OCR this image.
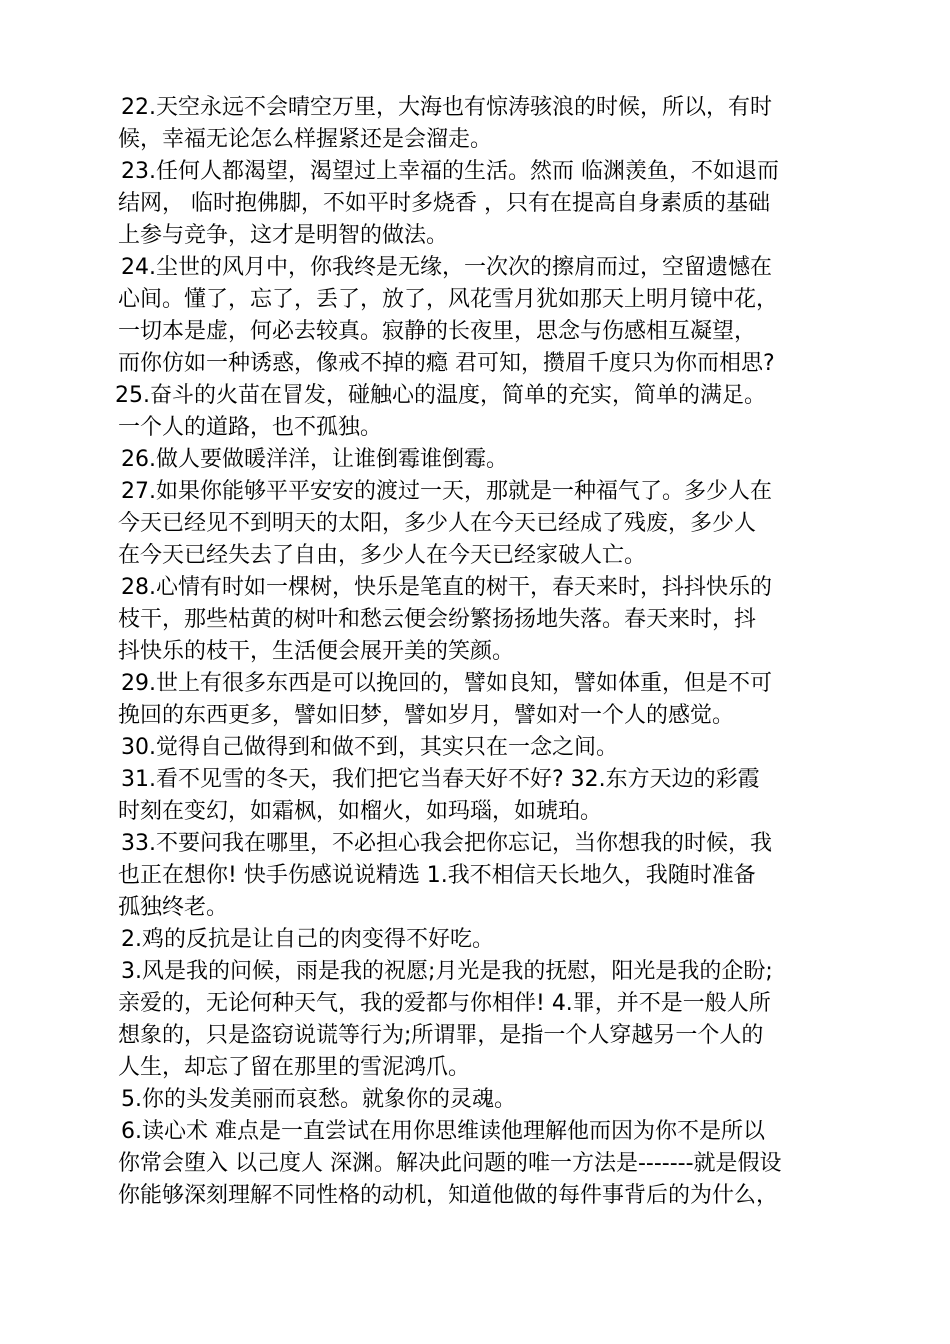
22.天空永远不会晴空万里，大海也有惊涛骇浪的时候，所以，有时
候，幸福无论怎么样握紧还是会溜走。
23.任何人都渴望，渴望过上幸福的生活。然而 临渊羡鱼，不如退而
结网， 临时抱佛脚，不如平时多烧香 ，只有在提高自身素质的基础
上参与竞争，这才是明智的做法。
24.尘世的风月中，你我终是无缘，一次次的擦肩而过，空留遗憾在
心间。懂了，忘了，丢了，放了，风花雪月犹如那天上明月镜中花，
一切本是虚，何必去较真。寂静的长夜里，思念与伤感相互凝望，
而你仿如一种诱惑，像戒不掉的瘾 君可知，攒眉千度只为你而相思?
25.奋斗的火苗在冒发，碰触心的温度，简单的充实，简单的满足。
一个人的道路，也不孤独。
26.做人要做暖洋洋，让谁倒霉谁倒霉。
27.如果你能够平平安安的渡过一天，那就是一种福气了。多少人在
今天已经见不到明天的太阳，多少人在今天已经成了残废，多少人
在今天已经失去了自由，多少人在今天已经家破人亡。
28.心情有时如一棵树，快乐是笔直的树干，春天来时，抖抖快乐的
枝干，那些枯黄的树叶和愁云便会纷繁扬扬地失落。春天来时，抖
抖快乐的枝干，生活便会展开美的笑颜。
29.世上有很多东西是可以挽回的，譬如良知，譬如体重，但是不可
挽回的东西更多，譬如旧梦，譬如岁月，譬如对一个人的感觉。
30.觉得自己做得到和做不到，其实只在一念之间。
31.看不见雪的冬天，我们把它当春天好不好? 32.东方天边的彩霞
时刻在变幻，如霜枫，如榴火，如玛瑙，如琥珀。
33.不要问我在哪里，不必担心我会把你忘记，当你想我的时候，我
也正在想你! 快手伤感说说精选 1.我不相信天长地久，我随时准备
孤独终老。
2.鸡的反抗是让自己的肉变得不好吃。
3.风是我的问候，雨是我的祝愿;月光是我的抚慰，阳光是我的企盼;
亲爱的，无论何种天气，我的爱都与你相伴! 4.罪，并不是一般人所
想象的，只是盗窃说谎等行为;所谓罪，是指一个人穿越另一个人的
人生，却忘了留在那里的雪泥鸿爪。
5.你的头发美丽而哀愁。就象你的灵魂。
6.读心术 难点是一直尝试在用你思维读他理解他而因为你不是所以
你常会堕入 以己度人 深渊。解决此问题的唯一方法是-------就是假设
你能够深刻理解不同性格的动机，知道他做的每件事背后的为什么，
